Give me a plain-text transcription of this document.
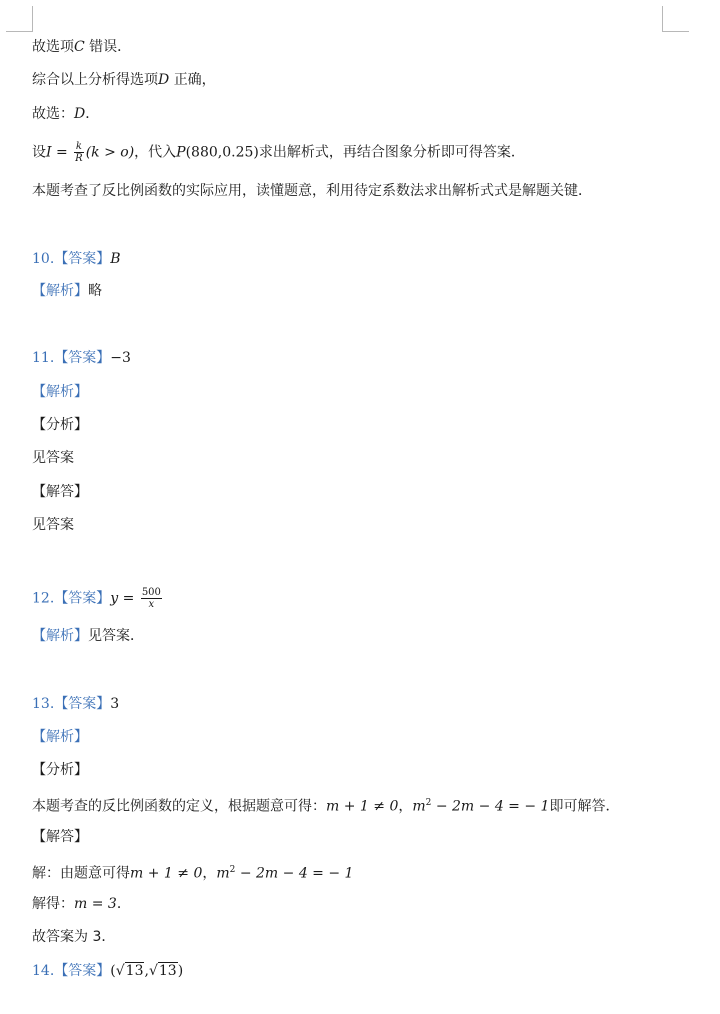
故选项C 错误．
综合以上分析得选项D 正确，
故选：D．
设$I = \frac{k}{R} (k > o)$，代入P(880,0.25)求出解析式，再结合图象分析即可得答案．
本题考查了反比例函数的实际应用，读懂题意，利用待定系数法求出解析式式是解题关键．
10.【答案】B
【解析】略
11.【答案】−3
【解析】
【分析】
见答案
【解答】
见答案
12.【答案】$y = \frac{500}{x}$
【解析】见答案．
13.【答案】3
【解析】
【分析】
本题考查的反比例函数的定义，根据题意可得：m + 1 ≠ 0，$m^2 - 2m - 4$ = − 1即可解答．
【解答】
解：由题意可得m + 1 ≠ 0，$m^2 - 2m - 4$ = − 1
解得：m = 3．
故答案为 3．
14.【答案】(√13,√13)
